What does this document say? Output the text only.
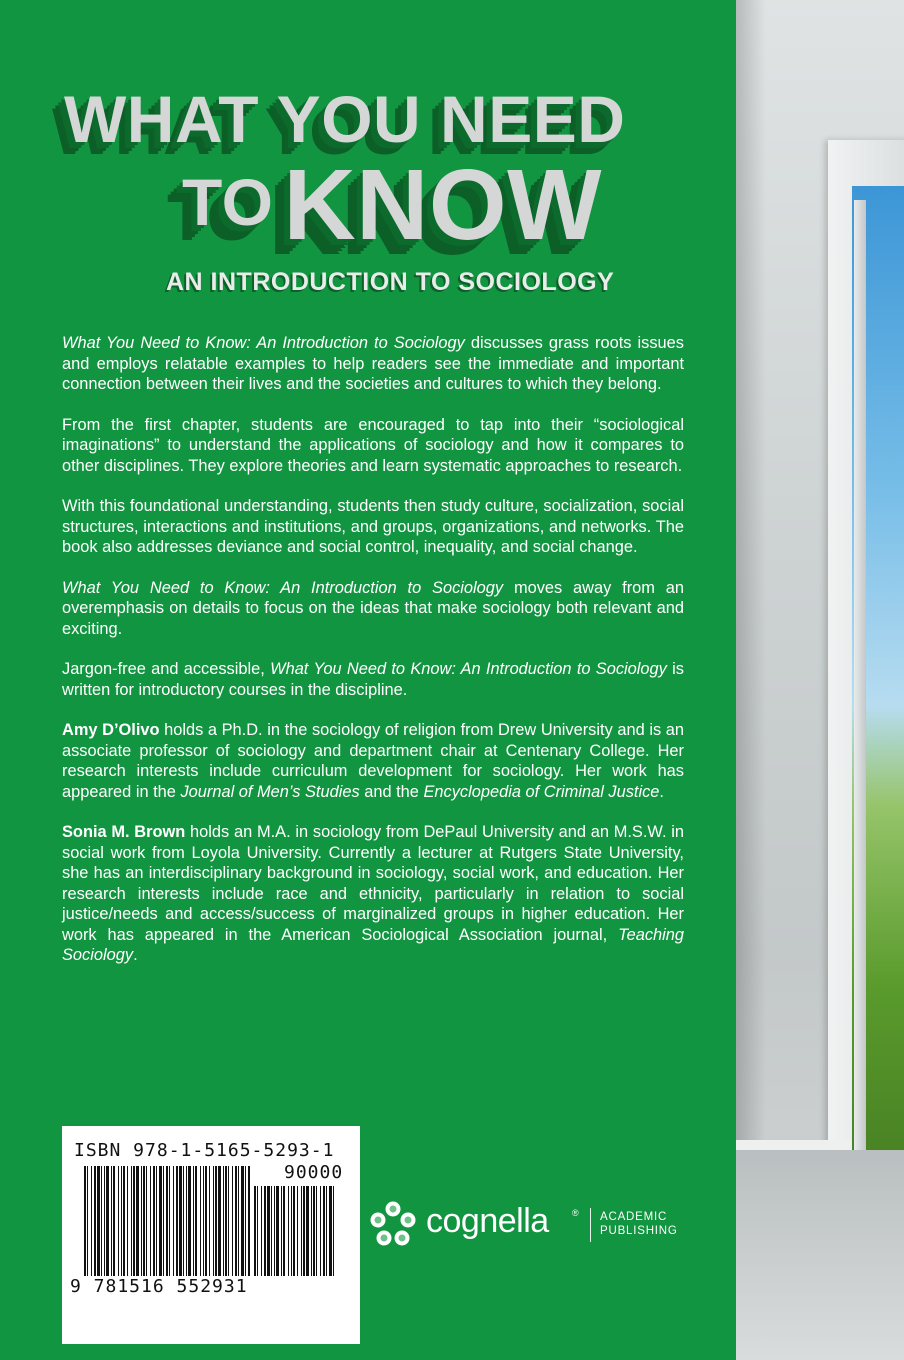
WHAT YOU NEED
TO KNOW
AN INTRODUCTION TO SOCIOLOGY

What You Need to Know: An Introduction to Sociology discusses grass roots issues and employs relatable examples to help readers see the immediate and important connection between their lives and the societies and cultures to which they belong.

From the first chapter, students are encouraged to tap into their “sociological imaginations” to understand the applications of sociology and how it compares to other disciplines. They explore theories and learn systematic approaches to research.

With this foundational understanding, students then study culture, socialization, social structures, interactions and institutions, and groups, organizations, and networks. The book also addresses deviance and social control, inequality, and social change.

What You Need to Know: An Introduction to Sociology moves away from an overemphasis on details to focus on the ideas that make sociology both relevant and exciting.

Jargon-free and accessible, What You Need to Know: An Introduction to Sociology is written for introductory courses in the discipline.

Amy D’Olivo holds a Ph.D. in the sociology of religion from Drew University and is an associate professor of sociology and department chair at Centenary College. Her research interests include curriculum development for sociology. Her work has appeared in the Journal of Men’s Studies and the Encyclopedia of Criminal Justice.

Sonia M. Brown holds an M.A. in sociology from DePaul University and an M.S.W. in social work from Loyola University. Currently a lecturer at Rutgers State University, she has an interdisciplinary background in sociology, social work, and education. Her research interests include race and ethnicity, particularly in relation to social justice/needs and access/success of marginalized groups in higher education. Her work has appeared in the American Sociological Association journal, Teaching Sociology.

ISBN 978-1-5165-5293-1
90000
9 781516 552931
cognella	® ACADEMIC
PUBLISHING
